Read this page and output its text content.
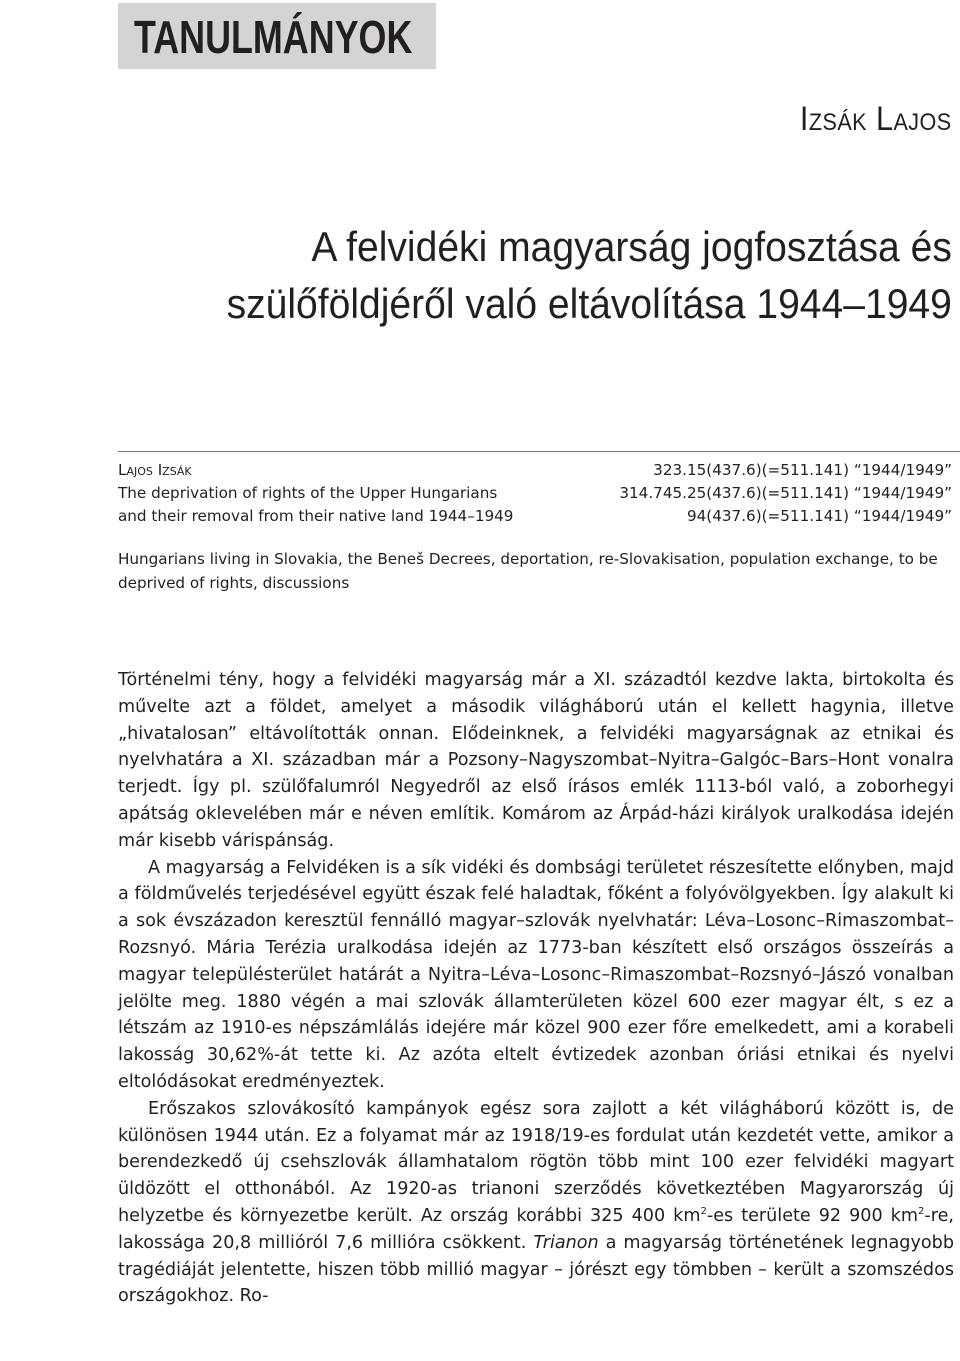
TANULMÁNYOK
Izsák Lajos
A felvidéki magyarság jogfosztása és
szülőföldjéről való eltávolítása 1944–1949
Lajos Izsák
The deprivation of rights of the Upper Hungarians
and their removal from their native land 1944–1949
323.15(437.6)(=511.141) “1944/1949”
314.745.25(437.6)(=511.141) “1944/1949”
94(437.6)(=511.141) “1944/1949”
Hungarians living in Slovakia, the Beneš Decrees, deportation, re-Slovakisation, population exchange, to be deprived of rights, discussions

Történelmi tény, hogy a felvidéki magyarság már a XI. századtól kezdve lakta, birtokolta és művelte azt a földet, amelyet a második világháború után el kellett hagynia, illetve „hivatalosan” eltávolították onnan. Elődeinknek, a felvidéki magyarságnak az etnikai és nyelvhatára a XI. században már a Pozsony–Nagyszombat–Nyitra–Galgóc–Bars–Hont vonalra terjedt. Így pl. szülőfalumról Negyedről az első írásos emlék 1113-ból való, a zoborhegyi apátság oklevelében már e néven említik. Komárom az Árpád-házi királyok uralkodása idején már kisebb várispánság.

A magyarság a Felvidéken is a sík vidéki és dombsági területet részesítette előnyben, majd a földművelés terjedésével együtt észak felé haladtak, főként a folyóvölgyekben. Így alakult ki a sok évszázadon keresztül fennálló magyar–szlovák nyelvhatár: Léva–Losonc–Rimaszombat–Rozsnyó. Mária Terézia uralkodása idején az 1773-ban készített első országos összeírás a magyar településterület határát a Nyitra–Léva–Losonc–Rimaszombat–Rozsnyó–Jászó vonalban jelölte meg. 1880 végén a mai szlovák államterületen közel 600 ezer magyar élt, s ez a létszám az 1910-es népszámlálás idejére már közel 900 ezer főre emelkedett, ami a korabeli lakosság 30,62%-át tette ki. Az azóta eltelt évtizedek azonban óriási etnikai és nyelvi eltolódásokat eredményeztek.

Erőszakos szlovákosító kampányok egész sora zajlott a két világháború között is, de különösen 1944 után. Ez a folyamat már az 1918/19-es fordulat után kezdetét vette, amikor a berendezkedő új csehszlovák államhatalom rögtön több mint 100 ezer felvidéki magyart üldözött el otthonából. Az 1920-as trianoni szerződés következtében Magyarország új helyzetbe és környezetbe került. Az ország korábbi 325 400 $km^2-es$ területe 92 900 $km^2-re$, lakossága 20,8 millióról 7,6 millióra csökkent. Trianon a magyarság történetének legnagyobb tragédiáját jelentette, hiszen több millió magyar – jórészt egy tömbben – került a szomszédos országokhoz. Ro-
